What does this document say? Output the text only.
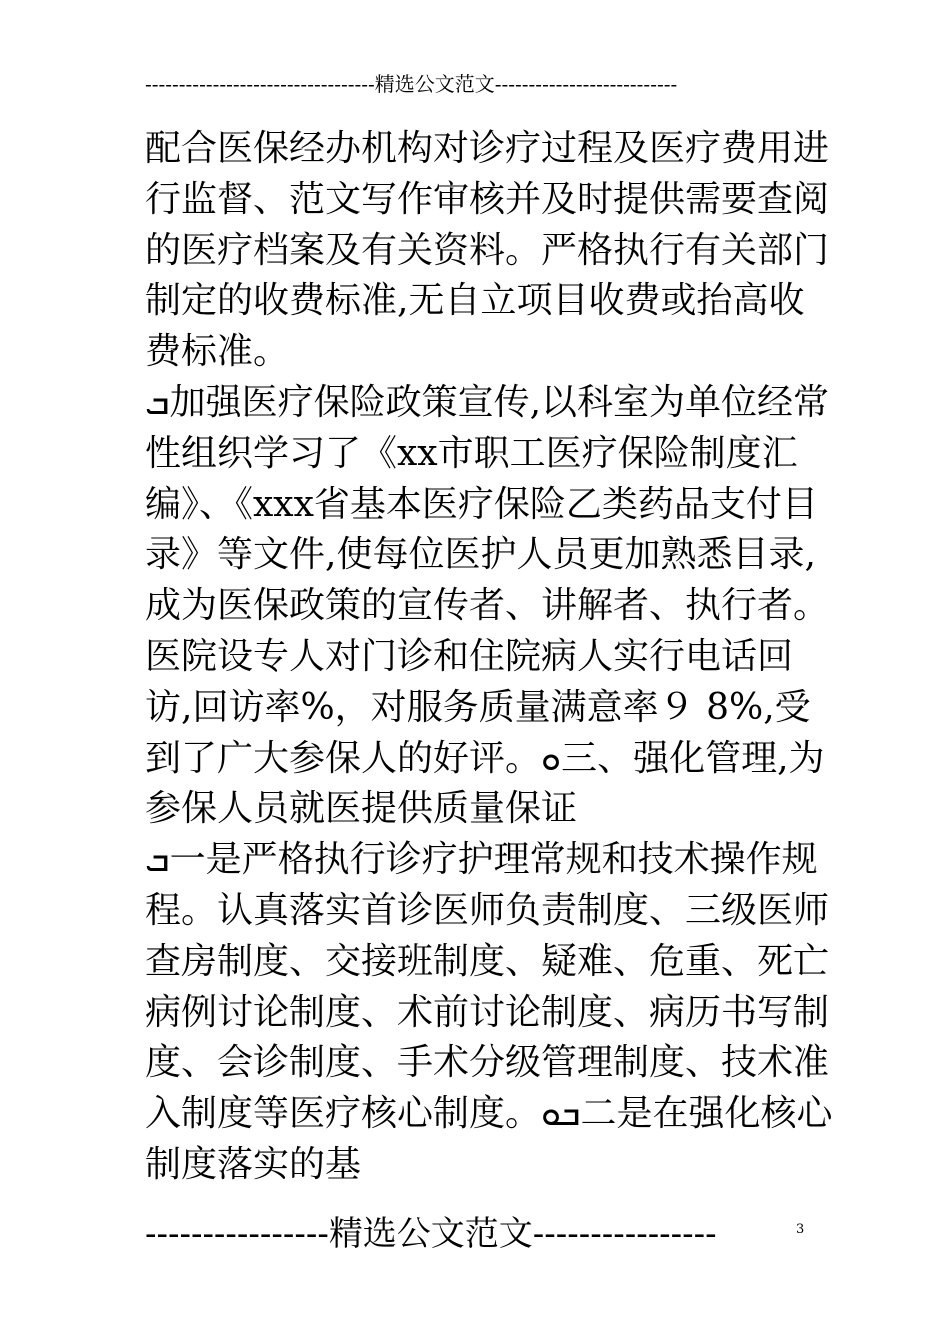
----------------------------------精选公文范文---------------------------

配合医保经办机构对诊疗过程及医疗费用进行监督、范文写作审核并及时提供需要查阅的医疗档案及有关资料。严格执行有关部门制定的收费标准,无自立项目收费或抬高收费标准。

ܒ加强医疗保险政策宣传,以科室为单位经常性组织学习了《xx市职工医疗保险制度汇编》、《xxx省基本医疗保险乙类药品支付目录》等文件,使每位医护人员更加熟悉目录,成为医保政策的宣传者、讲解者、执行者。医院设专人对门诊和住院病人实行电话回访,回访率%，对服务质量满意率９ 8%,受到了广大参保人的好评。ܘ三、强化管理,为参保人员就医提供质量保证

ܒ一是严格执行诊疗护理常规和技术操作规程。认真落实首诊医师负责制度、三级医师查房制度、交接班制度、疑难、危重、死亡病例讨论制度、术前讨论制度、病历书写制度、会诊制度、手术分级管理制度、技术准入制度等医疗核心制度。ܒܘ二是在强化核心制度落实的基

----------------精选公文范文----------------	3
